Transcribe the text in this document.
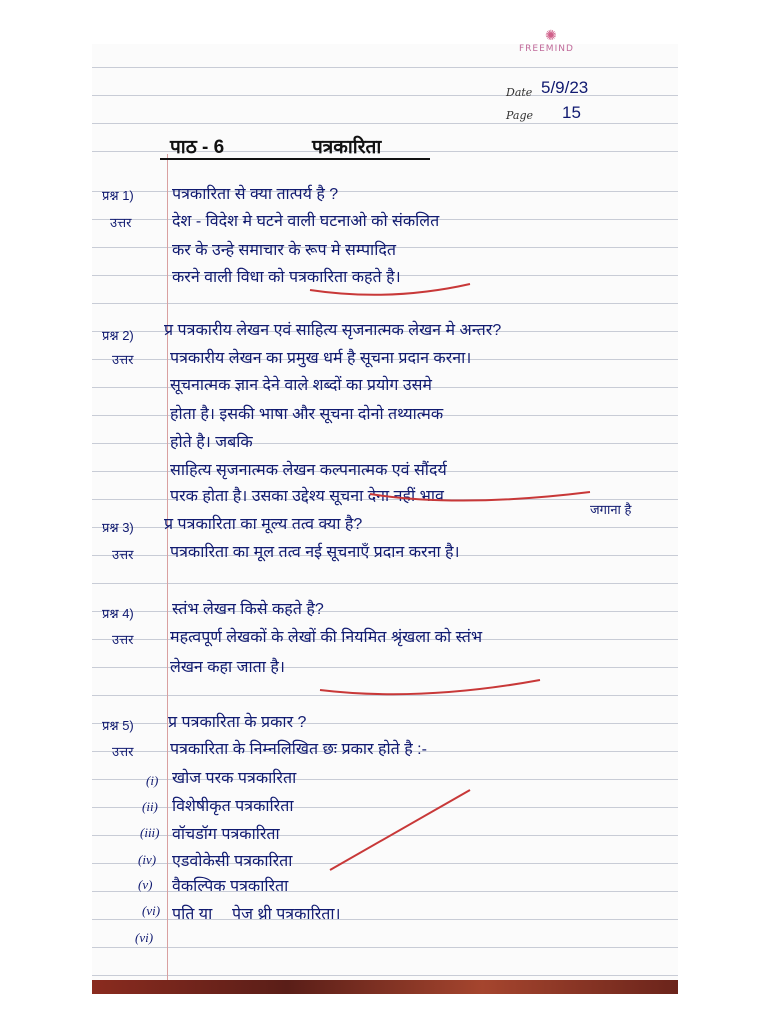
✺
FREEMIND
Date 5/9/23
Page 15
पाठ - 6	पत्रकारिता
प्रश्न 1) पत्रकारिता से क्या तात्पर्य है ?
उत्तर	देश - विदेश मे घटने वाली घटनाओ को संकलित
कर के उन्हे समाचार के रूप मे सम्पादित
करने वाली विधा को पत्रकारिता कहते है।
प्रश्न 2) प्र पत्रकारीय लेखन एवं साहित्य सृजनात्मक लेखन मे अन्तर?
उत्तर पत्रकारीय लेखन का प्रमुख धर्म है सूचना प्रदान करना।
सूचनात्मक ज्ञान देने वाले शब्दों का प्रयोग उसमे
होता है। इसकी भाषा और सूचना दोनो तथ्यात्मक
होते है। जबकि
साहित्य सृजनात्मक लेखन कल्पनात्मक एवं सौंदर्य
परक होता है। उसका उद्देश्य सूचना देना नहीं भाव
जगाना है
प्रश्न 3) प्र पत्रकारिता का मूल्य तत्व क्या है?
उत्तर पत्रकारिता का मूल तत्व नई सूचनाएँ प्रदान करना है।
प्रश्न 4) स्तंभ लेखन किसे कहते है?
उत्तर महत्वपूर्ण लेखकों के लेखों की नियमित श्रृंखला को स्तंभ
लेखन कहा जाता है।
प्रश्न 5) प्र पत्रकारिता के प्रकार ?
उत्तर पत्रकारिता के निम्नलिखित छः प्रकार होते है :-
(i) खोज परक पत्रकारिता
(ii) विशेषीकृत पत्रकारिता
(iii) वॉचडॉग पत्रकारिता
(iv) एडवोकेसी पत्रकारिता
(v) वैकल्पिक पत्रकारिता
(vi) पति या पेज थ्री पत्रकारिता।
(vi)
